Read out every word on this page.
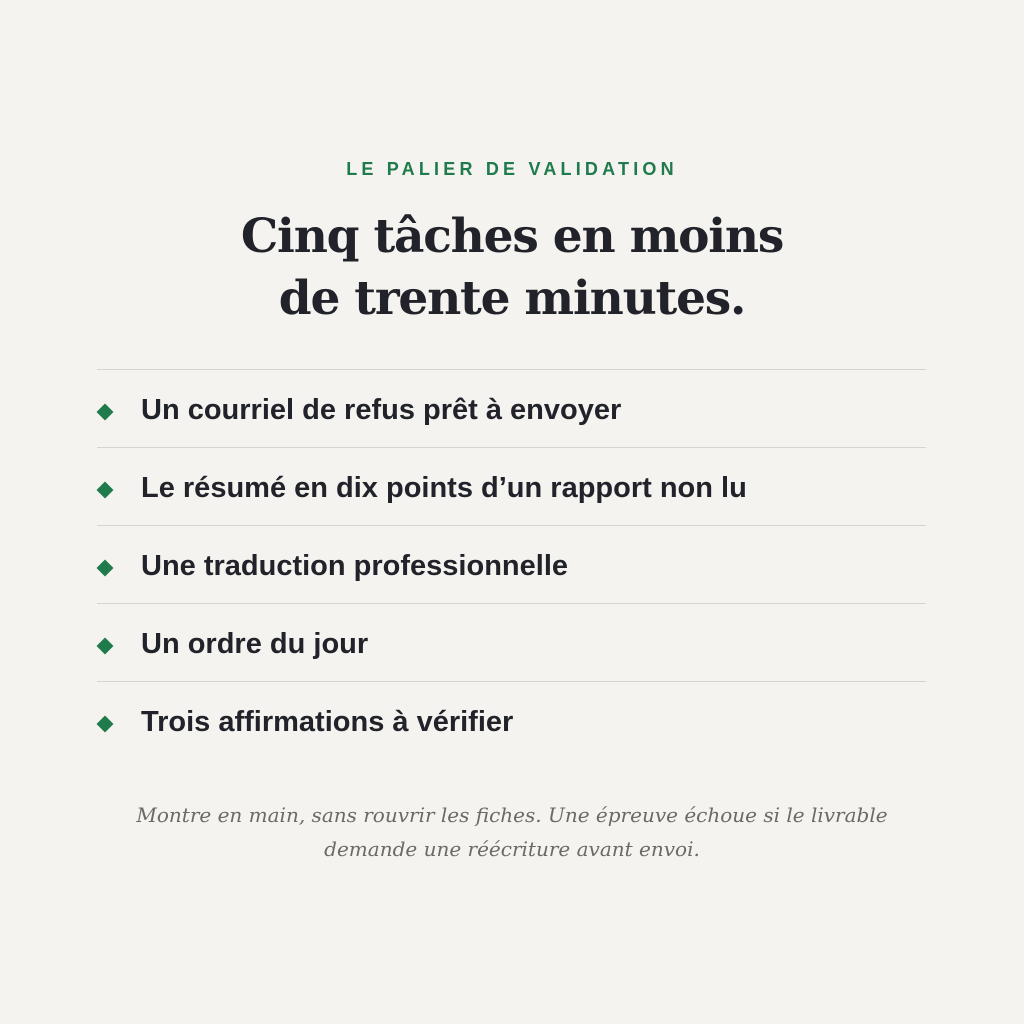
LE PALIER DE VALIDATION
Cinq tâches en moins
de trente minutes.
Un courriel de refus prêt à envoyer
Le résumé en dix points d’un rapport non lu
Une traduction professionnelle
Un ordre du jour
Trois affirmations à vérifier

Montre en main, sans rouvrir les fiches. Une épreuve échoue si le livrable
demande une réécriture avant envoi.
